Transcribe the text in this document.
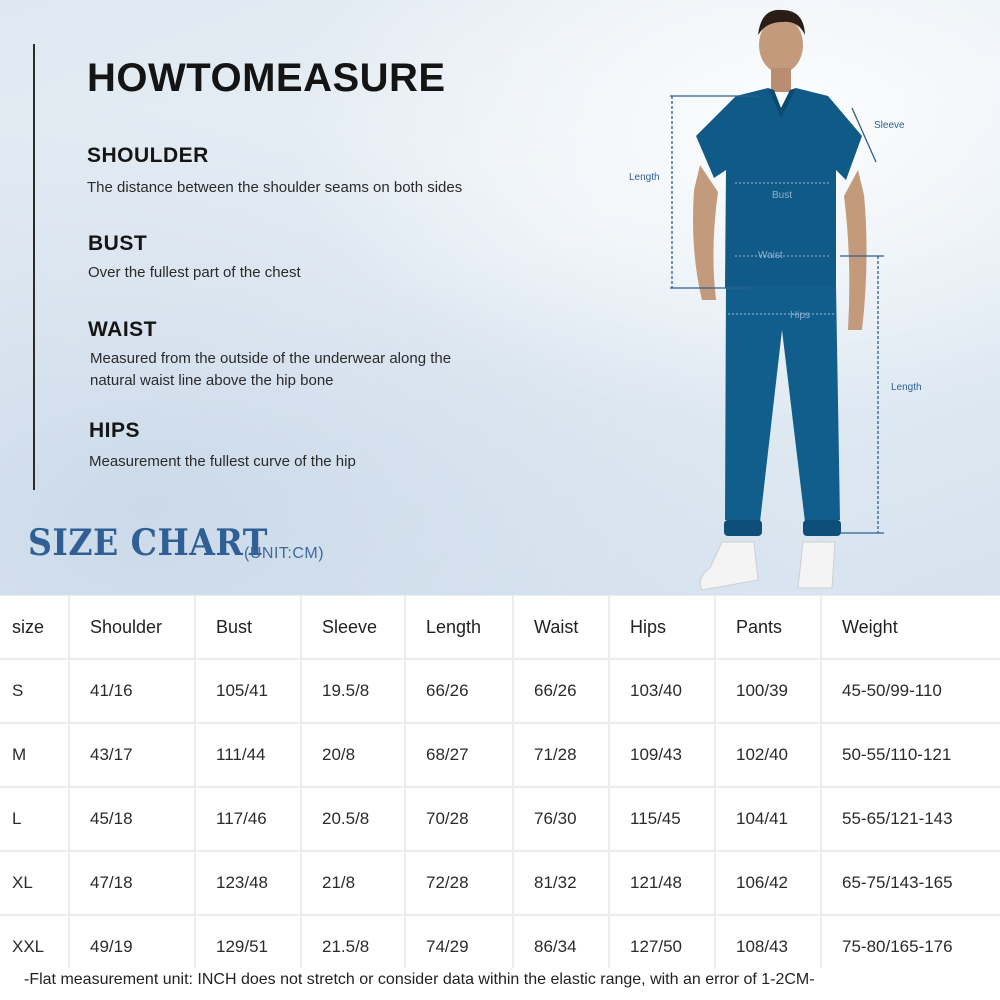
HOWTOMEASURE
SHOULDER
The distance between the shoulder seams on both sides
BUST
Over the fullest part of the chest
WAIST
Measured from the outside of the underwear along the
natural waist line above the hip bone
HIPS
Measurement the fullest curve of the hip
SIZE CHART
(UNIT:CM)
Sleeve
Length
Length
Bust
Waist
Hips
size	Shoulder	Bust	Sleeve	Length	Waist	Hips	Pants	Weight
S	41/16	105/41	19.5/8	66/26	66/26	103/40	100/39	45-50/99-110
M	43/17	111/44	20/8	68/27	71/28	109/43	102/40	50-55/110-121
L	45/18	117/46	20.5/8	70/28	76/30	115/45	104/41	55-65/121-143
XL	47/18	123/48	21/8	72/28	81/32	121/48	106/42	65-75/143-165
XXL	49/19	129/51	21.5/8	74/29	86/34	127/50	108/43	75-80/165-176
-Flat measurement unit: INCH does not stretch or consider data within the elastic range, with an error of 1-2CM-
